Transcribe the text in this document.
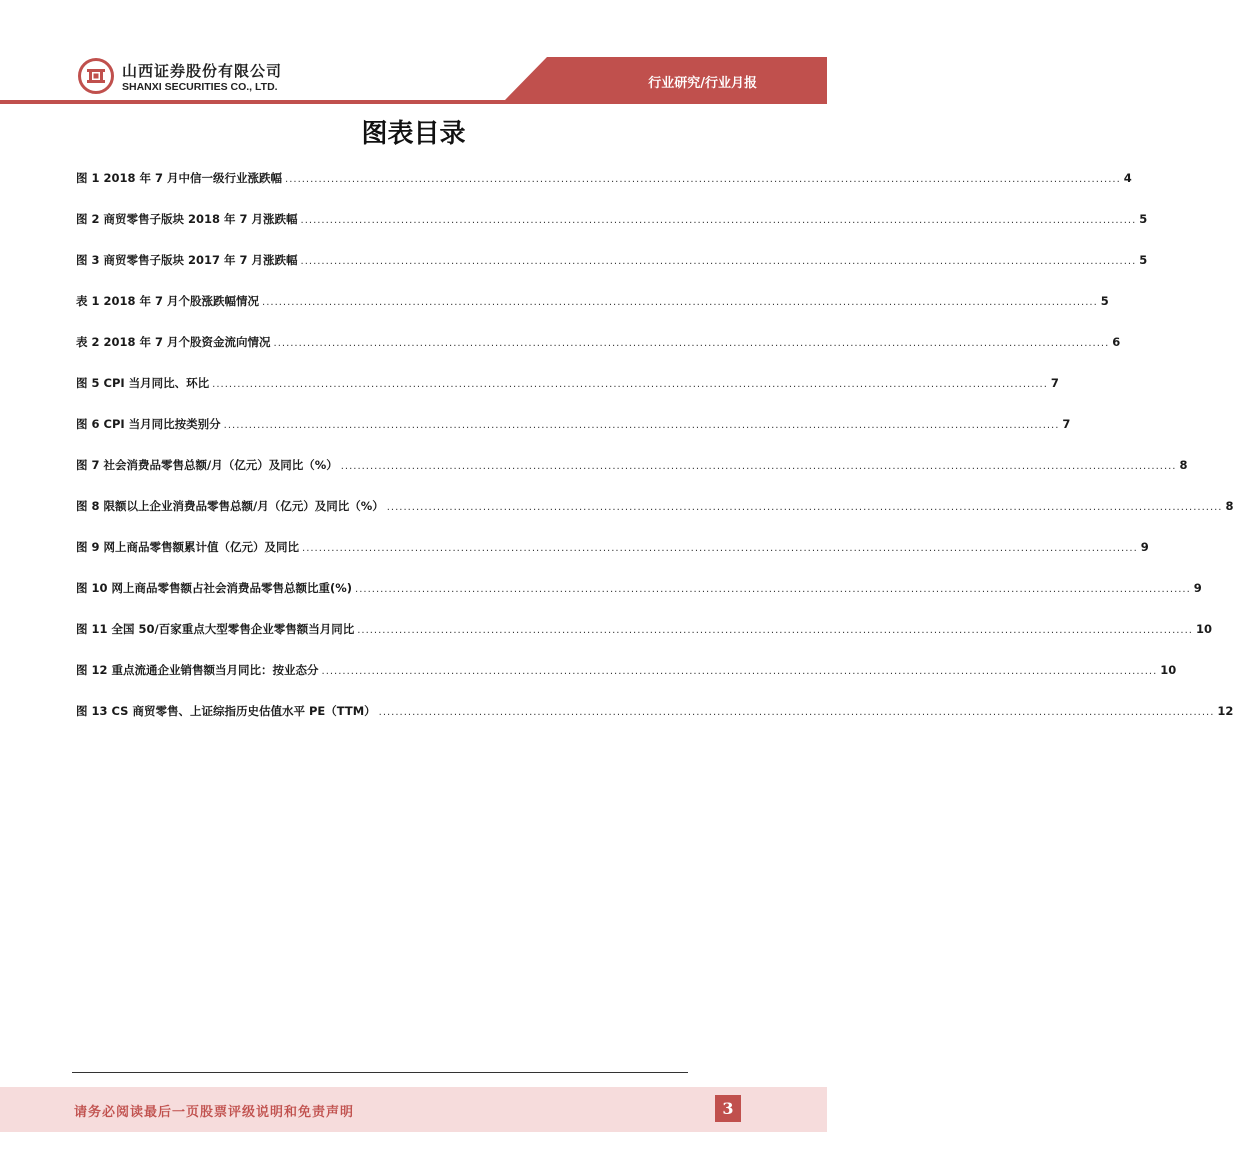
山西证券股份有限公司
SHANXI SECURITIES CO., LTD.	行业研究/行业月报
图表目录
图 1 2018 年 7 月中信一级行业涨跌幅 ........................................................................................................................................................................................................ 4
图 2 商贸零售子版块 2018 年 7 月涨跌幅 ........................................................................................................................................................................................................ 5
图 3 商贸零售子版块 2017 年 7 月涨跌幅 ........................................................................................................................................................................................................ 5
表 1 2018 年 7 月个股涨跌幅情况 ........................................................................................................................................................................................................ 5
表 2 2018 年 7 月个股资金流向情况 ........................................................................................................................................................................................................ 6
图 5 CPI 当月同比、环比 ........................................................................................................................................................................................................ 7
图 6 CPI 当月同比按类别分 ........................................................................................................................................................................................................ 7
图 7 社会消费品零售总额/月（亿元）及同比（%） ........................................................................................................................................................................................................ 8
图 8 限额以上企业消费品零售总额/月（亿元）及同比（%） ........................................................................................................................................................................................................ 8
图 9 网上商品零售额累计值（亿元）及同比 ........................................................................................................................................................................................................ 9
图 10 网上商品零售额占社会消费品零售总额比重(%) ........................................................................................................................................................................................................ 9
图 11 全国 50/百家重点大型零售企业零售额当月同比 ........................................................................................................................................................................................................ 10
图 12 重点流通企业销售额当月同比：按业态分 ........................................................................................................................................................................................................ 10
图 13 CS 商贸零售、上证综指历史估值水平 PE（TTM） ........................................................................................................................................................................................................ 12
请务必阅读最后一页股票评级说明和免责声明	3
